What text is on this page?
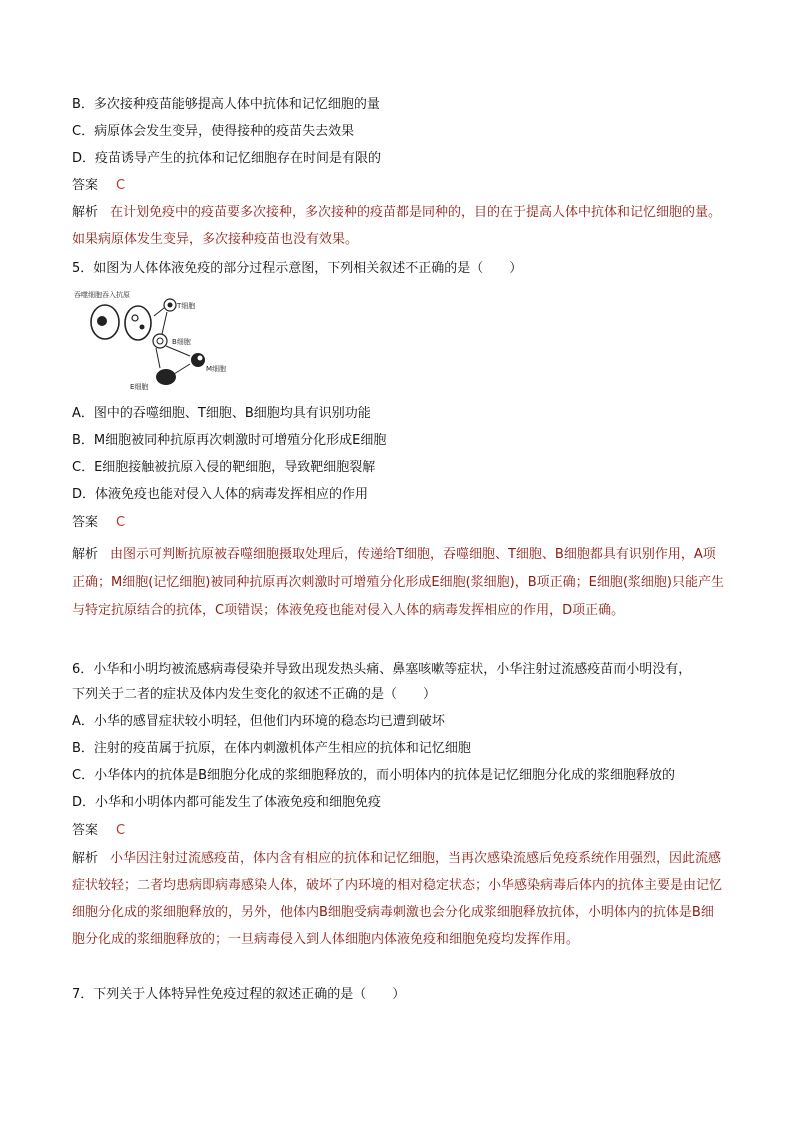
B．多次接种疫苗能够提高人体中抗体和记忆细胞的量
C．病原体会发生变异，使得接种的疫苗失去效果
D．疫苗诱导产生的抗体和记忆细胞存在时间是有限的
答案 C
解析 在计划免疫中的疫苗要多次接种，多次接种的疫苗都是同种的，目的在于提高人体中抗体和记忆细胞的量。如果病原体发生变异，多次接种疫苗也没有效果。
5．如图为人体体液免疫的部分过程示意图，下列相关叙述不正确的是（　　）
吞噬细胞吞入抗原
T细胞
B细胞
M细胞
E细胞
A．图中的吞噬细胞、T细胞、B细胞均具有识别功能
B．M细胞被同种抗原再次刺激时可增殖分化形成E细胞
C．E细胞接触被抗原入侵的靶细胞，导致靶细胞裂解
D．体液免疫也能对侵入人体的病毒发挥相应的作用
答案 C
解析 由图示可判断抗原被吞噬细胞摄取处理后，传递给T细胞，吞噬细胞、T细胞、B细胞都具有识别作用，A项正确；M细胞(记忆细胞)被同种抗原再次刺激时可增殖分化形成E细胞(浆细胞)，B项正确；E细胞(浆细胞)只能产生与特定抗原结合的抗体，C项错误；体液免疫也能对侵入人体的病毒发挥相应的作用，D项正确。
6．小华和小明均被流感病毒侵染并导致出现发热头痛、鼻塞咳嗽等症状，小华注射过流感疫苗而小明没有，
下列关于二者的症状及体内发生变化的叙述不正确的是（　　）
A．小华的感冒症状较小明轻，但他们内环境的稳态均已遭到破坏
B．注射的疫苗属于抗原，在体内刺激机体产生相应的抗体和记忆细胞
C．小华体内的抗体是B细胞分化成的浆细胞释放的，而小明体内的抗体是记忆细胞分化成的浆细胞释放的
D．小华和小明体内都可能发生了体液免疫和细胞免疫
答案 C
解析 小华因注射过流感疫苗，体内含有相应的抗体和记忆细胞，当再次感染流感后免疫系统作用强烈，因此流感症状较轻；二者均患病即病毒感染人体，破坏了内环境的相对稳定状态；小华感染病毒后体内的抗体主要是由记忆细胞分化成的浆细胞释放的，另外，他体内B细胞受病毒刺激也会分化成浆细胞释放抗体，小明体内的抗体是B细胞分化成的浆细胞释放的；一旦病毒侵入到人体细胞内体液免疫和细胞免疫均发挥作用。
7．下列关于人体特异性免疫过程的叙述正确的是（　　）
